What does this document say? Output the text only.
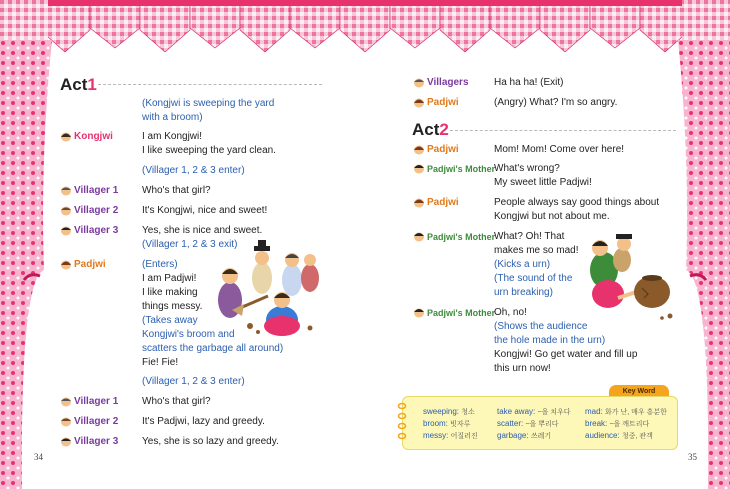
Act1
(Kongjwi is sweeping the yard
with a broom)
Kongjwi	I am Kongjwi!
I like sweeping the yard clean.
(Villager 1, 2 & 3 enter)
Villager 1 Who's that girl?
Villager 2 It's Kongjwi, nice and sweet!
Villager 3 Yes, she is nice and sweet.
(Villager 1, 2 & 3 exit)
Padjwi	(Enters)
I am Padjwi!
I like making
things messy.
(Takes away
Kongjwi's broom and
scatters the garbage all around)
Fie! Fie!
(Villager 1, 2 & 3 enter)
Villager 1 Who's that girl?
Villager 2 It's Padjwi, lazy and greedy.
Villager 3 Yes, she is so lazy and greedy.
34
Villagers	Ha ha ha! (Exit)
Padjwi	(Angry) What? I'm so angry.
Act2
Padjwi	Mom! Mom! Come over here!
Padjwi's Mother
What's wrong?
My sweet little Padjwi!
Padjwi	People always say good things about
Kongjwi but not about me.
Padjwi's Mother
What? Oh! That
makes me so mad!
(Kicks a urn)
(The sound of the
urn breaking)
Padjwi's Mother
Oh, no!
(Shows the audience
the hole made in the urn)
Kongjwi! Go get water and fill up
this urn now!
Key Word
sweeping: 청소	take away: ~을 치우다 mad: 화가 난, 매우 흥분한
broom: 빗자루	scatter: ~을 뿌리다	break: ~을 깨트리다
messy: 어질러진 garbage: 쓰레기	audience: 청중, 관객
35
